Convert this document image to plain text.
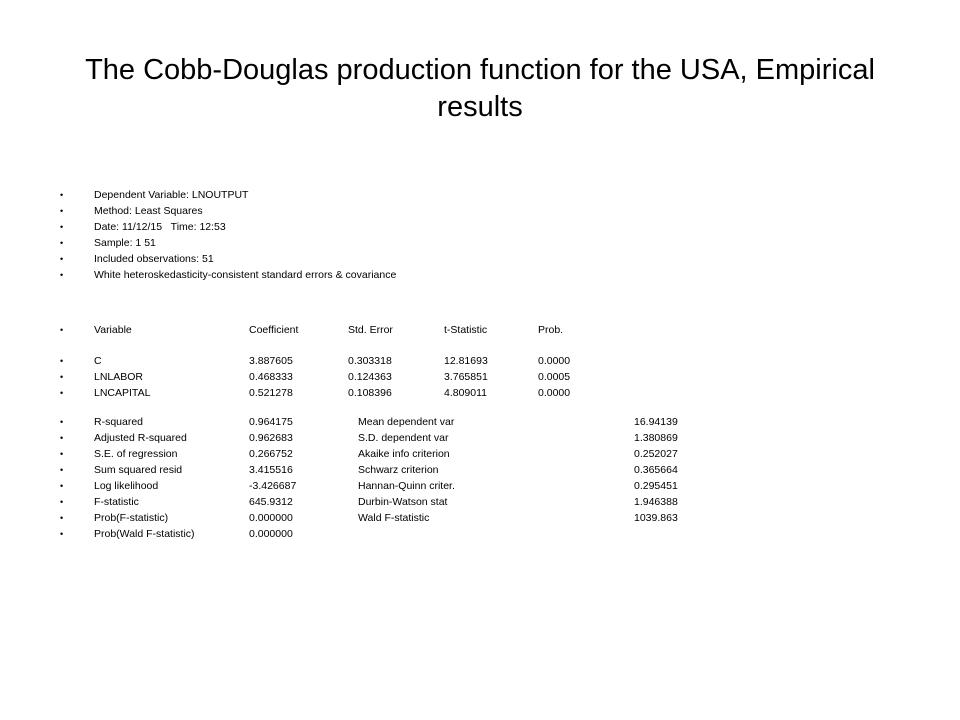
The Cobb-Douglas production function for the USA, Empirical results
•	Dependent Variable: LNOUTPUT
•	Method: Least Squares
•	Date: 11/12/15   Time: 12:53
•	Sample: 1 51
•	Included observations: 51
•	White heteroskedasticity-consistent standard errors & covariance
•	Variable	Coefficient	Std. Error	t-Statistic	Prob.
•	C	3.887605	0.303318	12.81693	0.0000
•	LNLABOR	0.468333	0.124363	3.765851	0.0005
•	LNCAPITAL	0.521278	0.108396	4.809011	0.0000
•	R-squared	0.964175	Mean dependent var	16.94139
•	Adjusted R-squared	0.962683	S.D. dependent var	1.380869
•	S.E. of regression	0.266752	Akaike info criterion	0.252027
•	Sum squared resid	3.415516	Schwarz criterion	0.365664
•	Log likelihood	-3.426687	Hannan-Quinn criter.	0.295451
•	F-statistic	645.9312	Durbin-Watson stat	1.946388
•	Prob(F-statistic)	0.000000	Wald F-statistic	1039.863
•	Prob(Wald F-statistic)	0.000000
